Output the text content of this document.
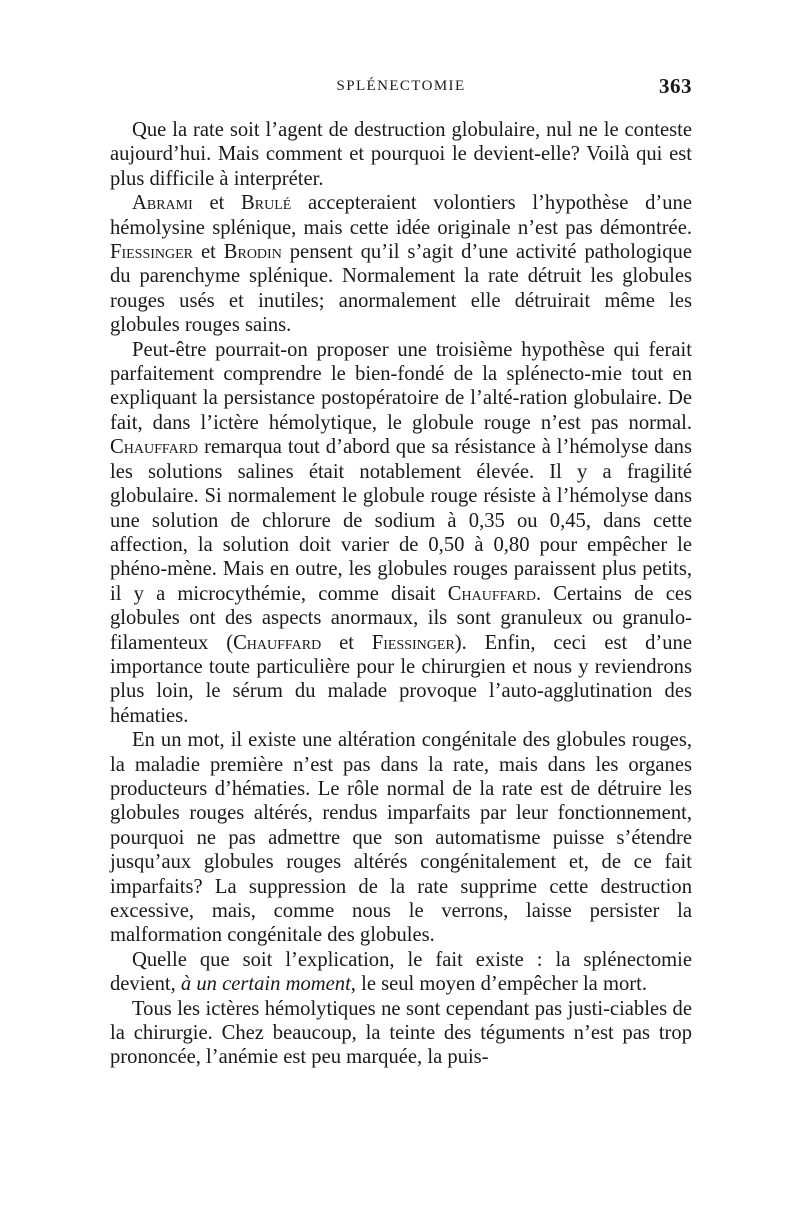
SPLÉNECTOMIE	363

Que la rate soit l’agent de destruction globulaire, nul ne le conteste aujourd’hui. Mais comment et pourquoi le devient-elle? Voilà qui est plus difficile à interpréter.

Abrami et Brulé accepteraient volontiers l’hypothèse d’une hémolysine splénique, mais cette idée originale n’est pas démontrée. Fiessinger et Brodin pensent qu’il s’agit d’une activité pathologique du parenchyme splénique. Normalement la rate détruit les globules rouges usés et inutiles; anormalement elle détruirait même les globules rouges sains.

Peut-être pourrait-on proposer une troisième hypothèse qui ferait parfaitement comprendre le bien-fondé de la splénecto-mie tout en expliquant la persistance postopératoire de l’alté-ration globulaire. De fait, dans l’ictère hémolytique, le globule rouge n’est pas normal. Chauffard remarqua tout d’abord que sa résistance à l’hémolyse dans les solutions salines était notablement élevée. Il y a fragilité globulaire. Si normalement le globule rouge résiste à l’hémolyse dans une solution de chlorure de sodium à 0,35 ou 0,45, dans cette affection, la solution doit varier de 0,50 à 0,80 pour empêcher le phéno-mène. Mais en outre, les globules rouges paraissent plus petits, il y a microcythémie, comme disait Chauffard. Certains de ces globules ont des aspects anormaux, ils sont granuleux ou granulo-filamenteux (Chauffard et Fiessinger). Enfin, ceci est d’une importance toute particulière pour le chirurgien et nous y reviendrons plus loin, le sérum du malade provoque l’auto-agglutination des hématies.

En un mot, il existe une altération congénitale des globules rouges, la maladie première n’est pas dans la rate, mais dans les organes producteurs d’hématies. Le rôle normal de la rate est de détruire les globules rouges altérés, rendus imparfaits par leur fonctionnement, pourquoi ne pas admettre que son automatisme puisse s’étendre jusqu’aux globules rouges altérés congénitalement et, de ce fait imparfaits? La suppression de la rate supprime cette destruction excessive, mais, comme nous le verrons, laisse persister la malformation congénitale des globules.

Quelle que soit l’explication, le fait existe : la splénectomie devient, à un certain moment, le seul moyen d’empêcher la mort.

Tous les ictères hémolytiques ne sont cependant pas justi-ciables de la chirurgie. Chez beaucoup, la teinte des téguments n’est pas trop prononcée, l’anémie est peu marquée, la puis-
